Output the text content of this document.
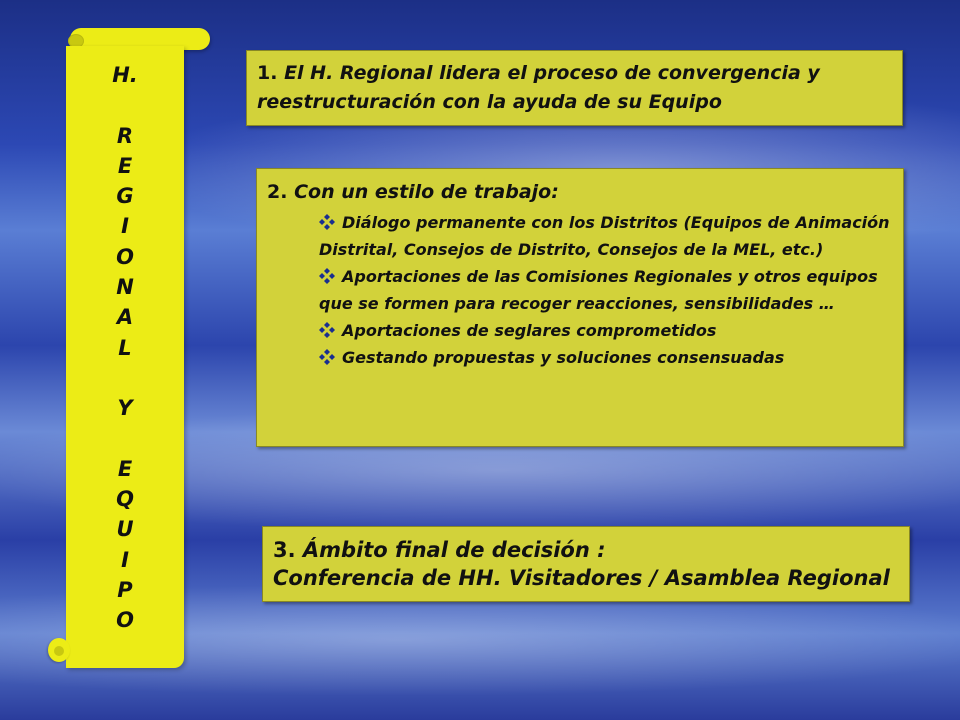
H.
R
E
G
I
O
N
A
L
Y
E
Q
U
I
P
O
1. El H. Regional lidera el proceso de convergencia y reestructuración con la ayuda de su Equipo
2. Con un estilo de trabajo:
Diálogo permanente con los Distritos (Equipos de Animación Distrital, Consejos de Distrito, Consejos de la MEL, etc.)
Aportaciones de las Comisiones Regionales y otros equipos que se formen para recoger reacciones, sensibilidades …
Aportaciones de seglares comprometidos
Gestando propuestas y soluciones consensuadas
3. Ámbito final de decisión :
Conferencia de HH. Visitadores / Asamblea Regional
